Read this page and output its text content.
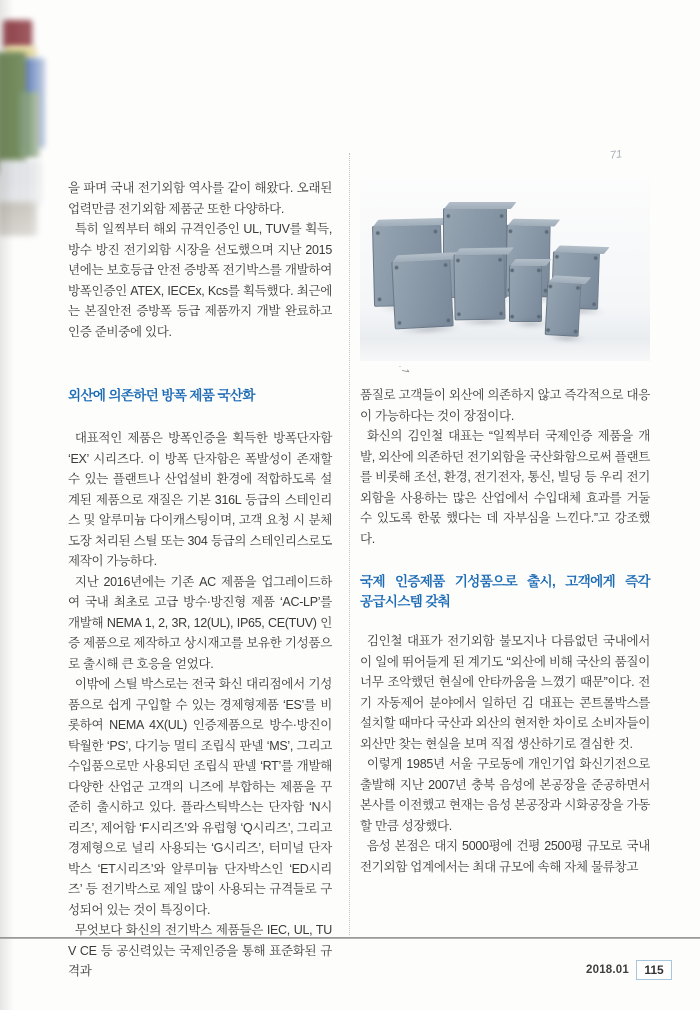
71

을 파며 국내 전기외함 역사를 같이 해왔다. 오래된 업력만큼 전기외함 제품군 또한 다양하다.

특히 일찍부터 해외 규격인증인 UL, TUV를 획득, 방수 방진 전기외함 시장을 선도했으며 지난 2015년에는 보호등급 안전 증방폭 전기박스를 개발하여 방폭인증인 ATEX, IECEx, Kcs를 획득했다. 최근에는 본질안전 증방폭 등급 제품까지 개발 완료하고 인증 준비중에 있다.

외산에 의존하던 방폭 제품 국산화

대표적인 제품은 방폭인증을 획득한 방폭단자함 ‘EX’ 시리즈다. 이 방폭 단자함은 폭발성이 존재할 수 있는 플랜트나 산업설비 환경에 적합하도록 설계된 제품으로 재질은 기본 316L 등급의 스테인리스 및 알루미늄 다이캐스팅이며, 고객 요청 시 분체도장 처리된 스틸 또는 304 등급의 스테인리스로도 제작이 가능하다.

지난 2016년에는 기존 AC 제품을 업그레이드하여 국내 최초로 고급 방수·방진형 제품 ‘AC-LP’를 개발해 NEMA 1, 2, 3R, 12(UL), IP65, CE(TUV) 인증 제품으로 제작하고 상시재고를 보유한 기성품으로 출시해 큰 호응을 얻었다.

이밖에 스틸 박스로는 전국 화신 대리점에서 기성품으로 쉽게 구입할 수 있는 경제형제품 ‘ES’를 비롯하여 NEMA 4X(UL) 인증제품으로 방수·방진이 탁월한 ‘PS’, 다기능 멀티 조립식 판넬 ‘MS’, 그리고 수입품으로만 사용되던 조립식 판넬 ‘RT’를 개발해 다양한 산업군 고객의 니즈에 부합하는 제품을 꾸준히 출시하고 있다. 플라스틱박스는 단자함 ‘N시리즈’, 제어함 ‘F시리즈’와 유럽형 ‘Q시리즈’, 그리고 경제형으로 널리 사용되는 ‘G시리즈’, 터미널 단자박스 ‘ET시리즈’와 알루미늄 단자박스인 ‘ED시리즈’ 등 전기박스로 제일 많이 사용되는 규격들로 구성되어 있는 것이 특징이다.

무엇보다 화신의 전기박스 제품들은 IEC, UL, TUV CE 등 공신력있는 국제인증을 통해 표준화된 규격과

품질로 고객들이 외산에 의존하지 않고 즉각적으로 대응이 가능하다는 것이 장점이다.

화신의 김인철 대표는 “일찍부터 국제인증 제품을 개발, 외산에 의존하던 전기외함을 국산화함으로써 플랜트를 비롯해 조선, 환경, 전기전자, 통신, 빌딩 등 우리 전기외함을 사용하는 많은 산업에서 수입대체 효과를 거둘 수 있도록 한몫 했다는 데 자부심을 느낀다.”고 강조했다.

국제 인증제품 기성품으로 출시, 고객에게 즉각 공급시스템 갖춰

김인철 대표가 전기외함 불모지나 다름없던 국내에서 이 일에 뛰어들게 된 계기도 “외산에 비해 국산의 품질이 너무 조악했던 현실에 안타까움을 느꼈기 때문”이다. 전기 자동제어 분야에서 일하던 김 대표는 콘트롤박스를 설치할 때마다 국산과 외산의 현저한 차이로 소비자들이 외산만 찾는 현실을 보며 직접 생산하기로 결심한 것.

이렇게 1985년 서울 구로동에 개인기업 화신기전으로 출발해 지난 2007년 충북 음성에 본공장을 준공하면서 본사를 이전했고 현재는 음성 본공장과 시화공장을 가동할 만큼 성장했다.

음성 본점은 대지 5000평에 건평 2500평 규모로 국내 전기외함 업계에서는 최대 규모에 속해 자체 물류창고

˙⇀
2018.01	115
